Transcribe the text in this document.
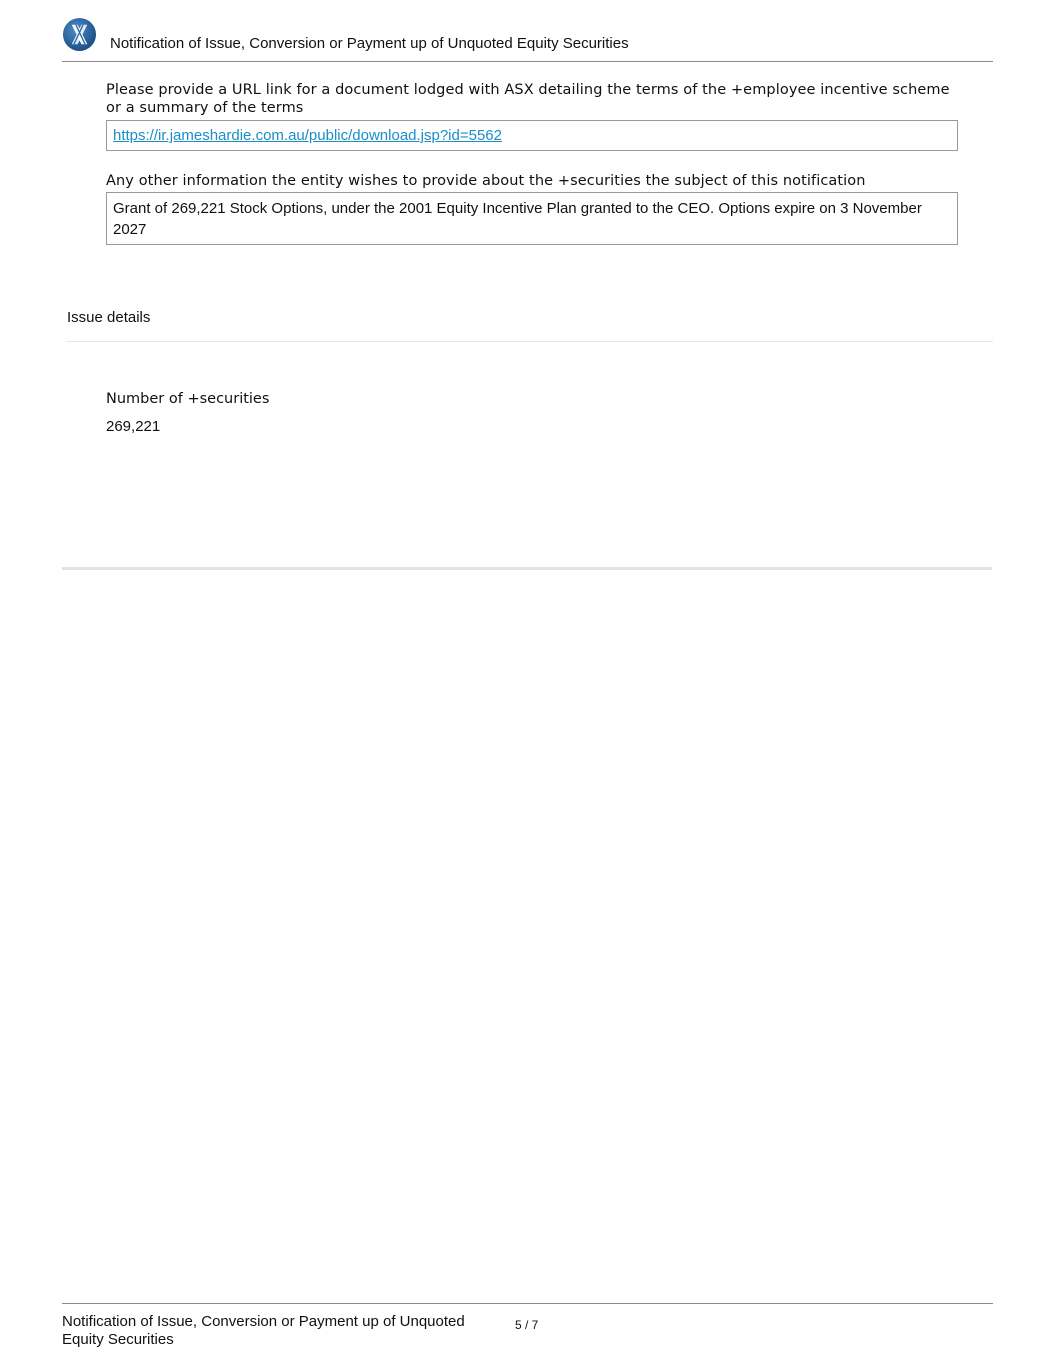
Notification of Issue, Conversion or Payment up of Unquoted Equity Securities
Please provide a URL link for a document lodged with ASX detailing the terms of the +employee incentive scheme or a summary of the terms
https://ir.jameshardie.com.au/public/download.jsp?id=5562
Any other information the entity wishes to provide about the +securities the subject of this notification
Grant of 269,221 Stock Options, under the 2001 Equity Incentive Plan granted to the CEO. Options expire on 3 November 2027
Issue details
Number of +securities
269,221
Notification of Issue, Conversion or Payment up of Unquoted Equity Securities
5 / 7
